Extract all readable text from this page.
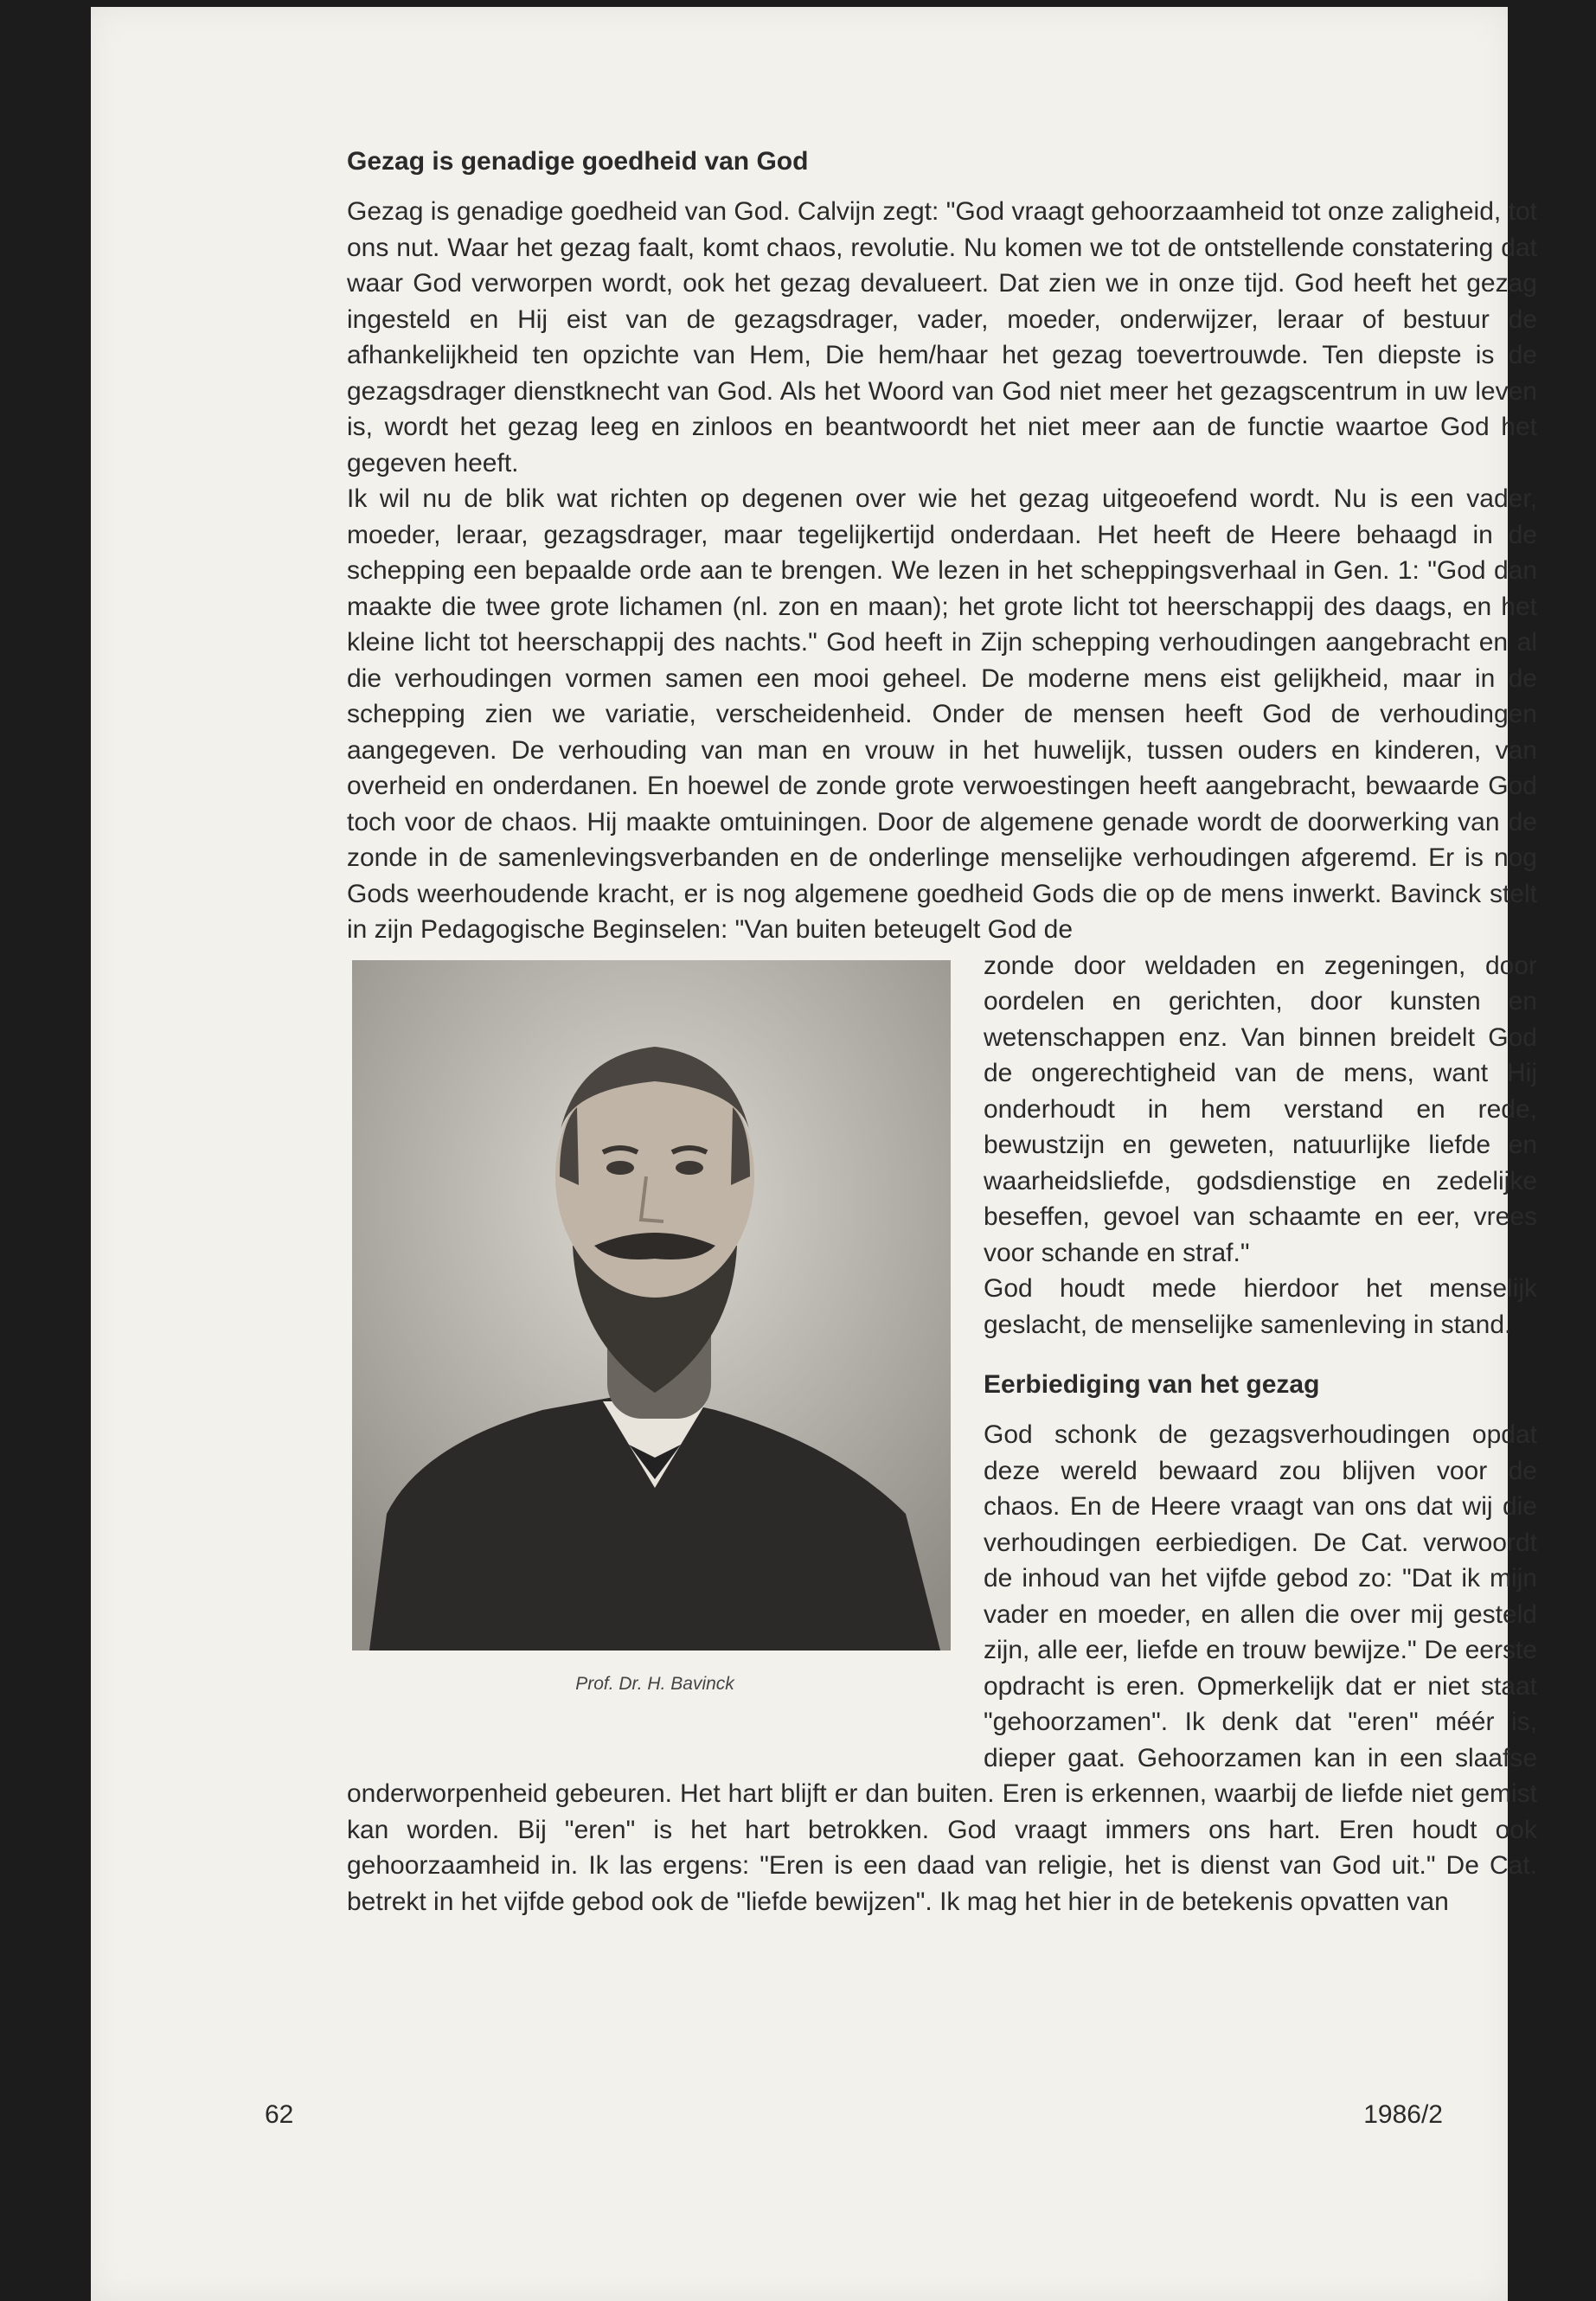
Gezag is genadige goedheid van God

Gezag is genadige goedheid van God. Calvijn zegt: "God vraagt gehoorzaamheid tot onze zaligheid, tot ons nut. Waar het gezag faalt, komt chaos, revolutie. Nu komen we tot de ontstellende constatering dat waar God verworpen wordt, ook het gezag devalueert. Dat zien we in onze tijd. God heeft het gezag ingesteld en Hij eist van de gezagsdrager, vader, moeder, onderwijzer, leraar of bestuur de afhankelijkheid ten opzichte van Hem, Die hem/haar het gezag toevertrouwde. Ten diepste is de gezagsdrager dienstknecht van God. Als het Woord van God niet meer het gezagscentrum in uw leven is, wordt het gezag leeg en zinloos en beantwoordt het niet meer aan de functie waartoe God het gegeven heeft.

Ik wil nu de blik wat richten op degenen over wie het gezag uitgeoefend wordt. Nu is een vader, moeder, leraar, gezagsdrager, maar tegelijkertijd onderdaan. Het heeft de Heere behaagd in de schepping een bepaalde orde aan te brengen. We lezen in het scheppingsverhaal in Gen. 1: "God dan maakte die twee grote lichamen (nl. zon en maan); het grote licht tot heerschappij des daags, en het kleine licht tot heerschappij des nachts." God heeft in Zijn schepping verhoudingen aangebracht en al die verhoudingen vormen samen een mooi geheel. De moderne mens eist gelijkheid, maar in de schepping zien we variatie, verscheidenheid. Onder de mensen heeft God de verhoudingen aangegeven. De verhouding van man en vrouw in het huwelijk, tussen ouders en kinderen, van overheid en onderdanen. En hoewel de zonde grote verwoestingen heeft aangebracht, bewaarde God toch voor de chaos. Hij maakte omtuiningen. Door de algemene genade wordt de doorwerking van de zonde in de samenlevingsverbanden en de onderlinge menselijke verhoudingen afgeremd. Er is nog Gods weerhoudende kracht, er is nog algemene goedheid Gods die op de mens inwerkt. Bavinck stelt in zijn Pedagogische Beginselen: "Van buiten beteugelt God de

Prof. Dr. H. Bavinck

zonde door weldaden en zegeningen, door oordelen en gerichten, door kunsten en wetenschappen enz. Van binnen breidelt God de ongerechtigheid van de mens, want Hij onderhoudt in hem verstand en rede, bewustzijn en geweten, natuurlijke liefde en waarheidsliefde, godsdienstige en zedelijke beseffen, gevoel van schaamte en eer, vrees voor schande en straf."

God houdt mede hierdoor het menselijk geslacht, de menselijke samenleving in stand.

Eerbiediging van het gezag

God schonk de gezagsverhoudingen opdat deze wereld bewaard zou blijven voor de chaos. En de Heere vraagt van ons dat wij die verhoudingen eerbiedigen. De Cat. verwoordt de inhoud van het vijfde gebod zo: "Dat ik mijn vader en moeder, en allen die over mij gesteld zijn, alle eer, liefde en trouw bewijze." De eerste opdracht is eren. Opmerkelijk dat er niet staat "gehoorzamen". Ik denk dat "eren" méér is, dieper gaat. Gehoorzamen kan in een slaafse onderworpenheid gebeuren. Het hart blijft er dan buiten. Eren is erkennen, waarbij de liefde niet gemist kan worden. Bij "eren" is het hart betrokken. God vraagt immers ons hart. Eren houdt ook gehoorzaamheid in. Ik las ergens: "Eren is een daad van religie, het is dienst van God uit." De Cat. betrekt in het vijfde gebod ook de "liefde bewijzen". Ik mag het hier in de betekenis opvatten van

62	1986/2
